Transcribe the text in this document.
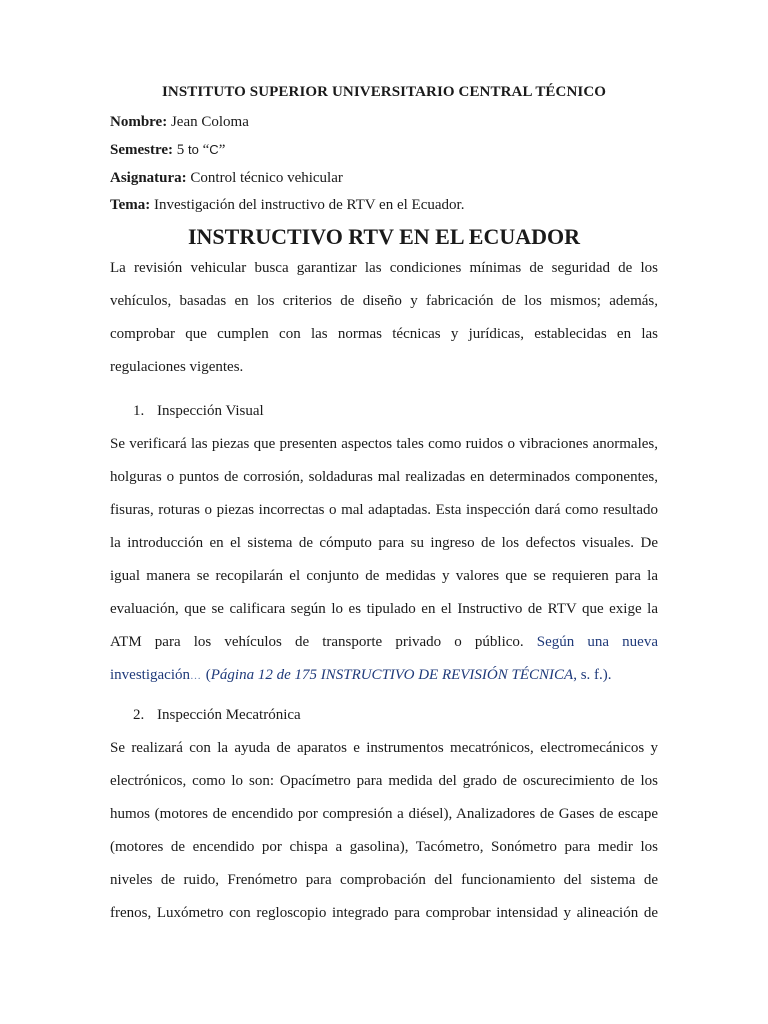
INSTITUTO SUPERIOR UNIVERSITARIO CENTRAL TÉCNICO
Nombre: Jean Coloma
Semestre: 5 to “C”
Asignatura: Control técnico vehicular
Tema: Investigación del instructivo de RTV en el Ecuador.
INSTRUCTIVO RTV EN EL ECUADOR
La revisión vehicular busca garantizar las condiciones mínimas de seguridad de los
vehículos, basadas en los criterios de diseño y fabricación de los mismos; además,
comprobar que cumplen con las normas técnicas y jurídicas, establecidas en las
regulaciones vigentes.
1. Inspección Visual
Se verificará las piezas que presenten aspectos tales como ruidos o vibraciones anormales,
holguras o puntos de corrosión, soldaduras mal realizadas en determinados componentes,
fisuras, roturas o piezas incorrectas o mal adaptadas. Esta inspección dará como resultado
la introducción en el sistema de cómputo para su ingreso de los defectos visuales. De
igual manera se recopilarán el conjunto de medidas y valores que se requieren para la
evaluación, que se calificara según lo es tipulado en el Instructivo de RTV que exige la
ATM para los vehículos de transporte privado o público. Según una nueva
investigación… (Página 12 de 175 INSTRUCTIVO DE REVISIÓN TÉCNICA, s. f.).
2. Inspección Mecatrónica
Se realizará con la ayuda de aparatos e instrumentos mecatrónicos, electromecánicos y
electrónicos, como lo son: Opacímetro para medida del grado de oscurecimiento de los
humos (motores de encendido por compresión a diésel), Analizadores de Gases de escape
(motores de encendido por chispa a gasolina), Tacómetro, Sonómetro para medir los
niveles de ruido, Frenómetro para comprobación del funcionamiento del sistema de
frenos, Luxómetro con regloscopio integrado para comprobar intensidad y alineación de
